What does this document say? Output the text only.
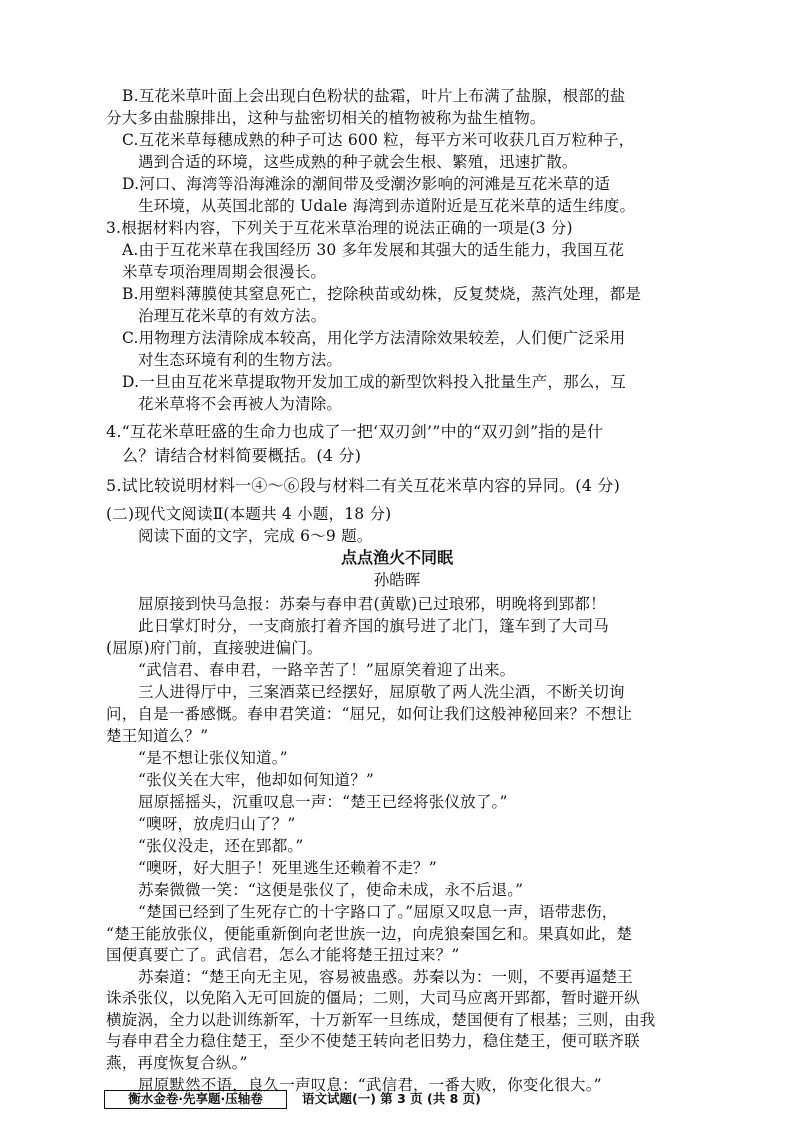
B.互花米草叶面上会出现白色粉状的盐霜，叶片上布满了盐腺，根部的盐
分大多由盐腺排出，这种与盐密切相关的植物被称为盐生植物。
C.互花米草每穗成熟的种子可达 600 粒，每平方米可收获几百万粒种子，
遇到合适的环境，这些成熟的种子就会生根、繁殖，迅速扩散。
D.河口、海湾等沿海滩涂的潮间带及受潮汐影响的河滩是互花米草的适
生环境，从英国北部的 Udale 海湾到赤道附近是互花米草的适生纬度。
3.根据材料内容，下列关于互花米草治理的说法正确的一项是(3 分)
A.由于互花米草在我国经历 30 多年发展和其强大的适生能力，我国互花
米草专项治理周期会很漫长。
B.用塑料薄膜使其窒息死亡，挖除秧苗或幼株，反复焚烧，蒸汽处理，都是
治理互花米草的有效方法。
C.用物理方法清除成本较高，用化学方法清除效果较差，人们便广泛采用
对生态环境有利的生物方法。
D.一旦由互花米草提取物开发加工成的新型饮料投入批量生产，那么，互
花米草将不会再被人为清除。
4.“互花米草旺盛的生命力也成了一把‘双刃剑’”中的“双刃剑”指的是什
么？请结合材料简要概括。(4 分)
5.试比较说明材料一④～⑥段与材料二有关互花米草内容的异同。(4 分)
(二)现代文阅读Ⅱ(本题共 4 小题，18 分)
阅读下面的文字，完成 6～9 题。
点点渔火不同眠
孙皓晖
屈原接到快马急报：苏秦与春申君(黄歇)已过琅邪，明晚将到郢都！
此日掌灯时分，一支商旅打着齐国的旗号进了北门，篷车到了大司马
(屈原)府门前，直接驶进偏门。
“武信君、春申君，一路辛苦了！”屈原笑着迎了出来。
三人进得厅中，三案酒菜已经摆好，屈原敬了两人洗尘酒，不断关切询
问，自是一番感慨。春申君笑道：“屈兄，如何让我们这般神秘回来？不想让
楚王知道么？”
“是不想让张仪知道。”
“张仪关在大牢，他却如何知道？”
屈原摇摇头，沉重叹息一声：“楚王已经将张仪放了。”
“噢呀，放虎归山了？”
“张仪没走，还在郢都。”
“噢呀，好大胆子！死里逃生还赖着不走？”
苏秦微微一笑：“这便是张仪了，使命未成，永不后退。”
“楚国已经到了生死存亡的十字路口了。”屈原又叹息一声，语带悲伤，
“楚王能放张仪，便能重新倒向老世族一边，向虎狼秦国乞和。果真如此，楚
国便真要亡了。武信君，怎么才能将楚王扭过来？”
苏秦道：“楚王向无主见，容易被蛊惑。苏秦以为：一则，不要再逼楚王
诛杀张仪，以免陷入无可回旋的僵局；二则，大司马应离开郢都，暂时避开纵
横旋涡，全力以赴训练新军，十万新军一旦练成，楚国便有了根基；三则，由我
与春申君全力稳住楚王，至少不使楚王转向老旧势力，稳住楚王，便可联齐联
燕，再度恢复合纵。”
屈原默然不语，良久一声叹息：“武信君，一番大败，你变化很大。”
衡水金卷·先享题·压轴卷	语文试题(一) 第 3 页 (共 8 页)
